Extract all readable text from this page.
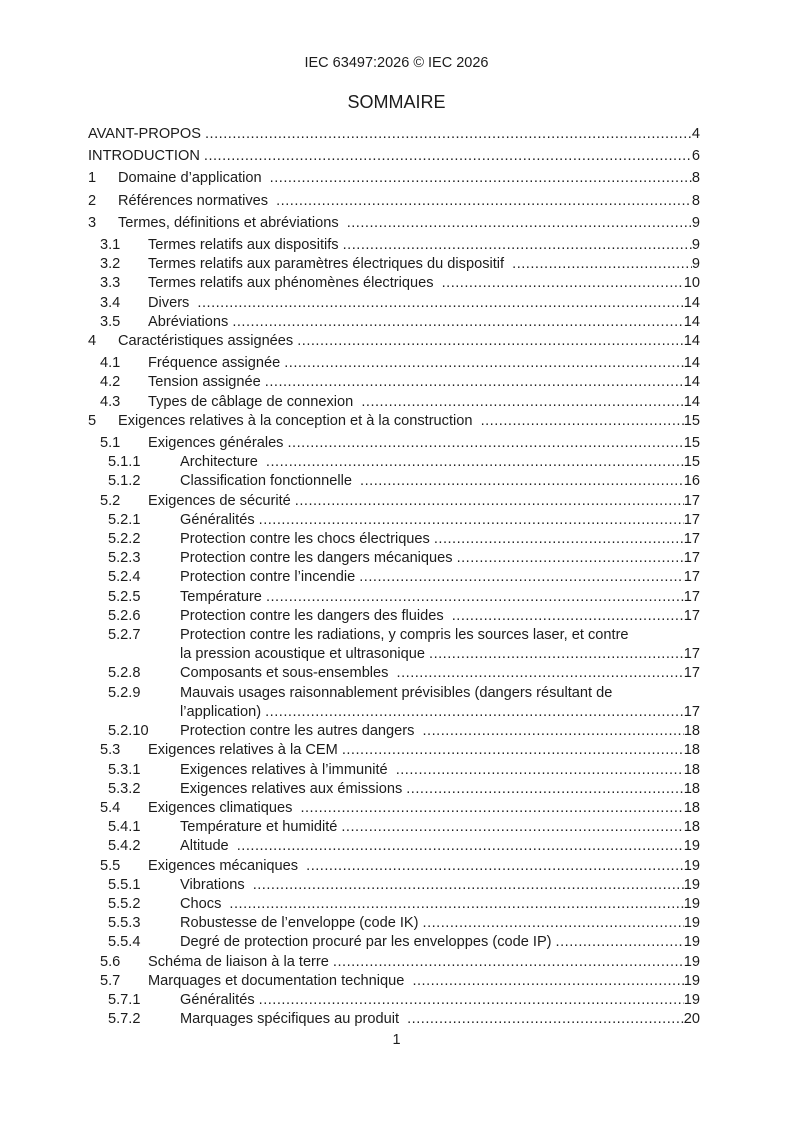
IEC 63497:2026 © IEC 2026
SOMMAIRE
AVANT-PROPOS .....	4
INTRODUCTION .....	6
1	Domaine d’application .....	8
2	Références normatives .....	8
3	Termes, définitions et abréviations .....	9
3.1	Termes relatifs aux dispositifs .....	9
3.2	Termes relatifs aux paramètres électriques du dispositif .....	9
3.3	Termes relatifs aux phénomènes électriques .....	10
3.4	Divers .....	14
3.5	Abréviations .....	14
4	Caractéristiques assignées .....	14
4.1	Fréquence assignée .....	14
4.2	Tension assignée .....	14
4.3	Types de câblage de connexion .....	14
5	Exigences relatives à la conception et à la construction .....	15
5.1	Exigences générales .....	15
5.1.1	Architecture .....	15
5.1.2	Classification fonctionnelle .....	16
5.2	Exigences de sécurité .....	17
5.2.1	Généralités .....	17
5.2.2	Protection contre les chocs électriques .....	17
5.2.3	Protection contre les dangers mécaniques .....	17
5.2.4	Protection contre l’incendie .....	17
5.2.5	Température .....	17
5.2.6	Protection contre les dangers des fluides .....	17
5.2.7	Protection contre les radiations, y compris les sources laser, et contre
la pression acoustique et ultrasonique .....	17
5.2.8	Composants et sous-ensembles .....	17
5.2.9	Mauvais usages raisonnablement prévisibles (dangers résultant de
l’application) .....	17
5.2.10	Protection contre les autres dangers .....	18
5.3	Exigences relatives à la CEM .....	18
5.3.1	Exigences relatives à l’immunité .....	18
5.3.2	Exigences relatives aux émissions .....	18
5.4	Exigences climatiques .....	18
5.4.1	Température et humidité .....	18
5.4.2	Altitude .....	19
5.5	Exigences mécaniques .....	19
5.5.1	Vibrations .....	19
5.5.2	Chocs .....	19
5.5.3	Robustesse de l’enveloppe (code IK) .....	19
5.5.4	Degré de protection procuré par les enveloppes (code IP) .....	19
5.6	Schéma de liaison à la terre .....	19
5.7	Marquages et documentation technique .....	19
5.7.1	Généralités .....	19
5.7.2	Marquages spécifiques au produit .....	20
1
